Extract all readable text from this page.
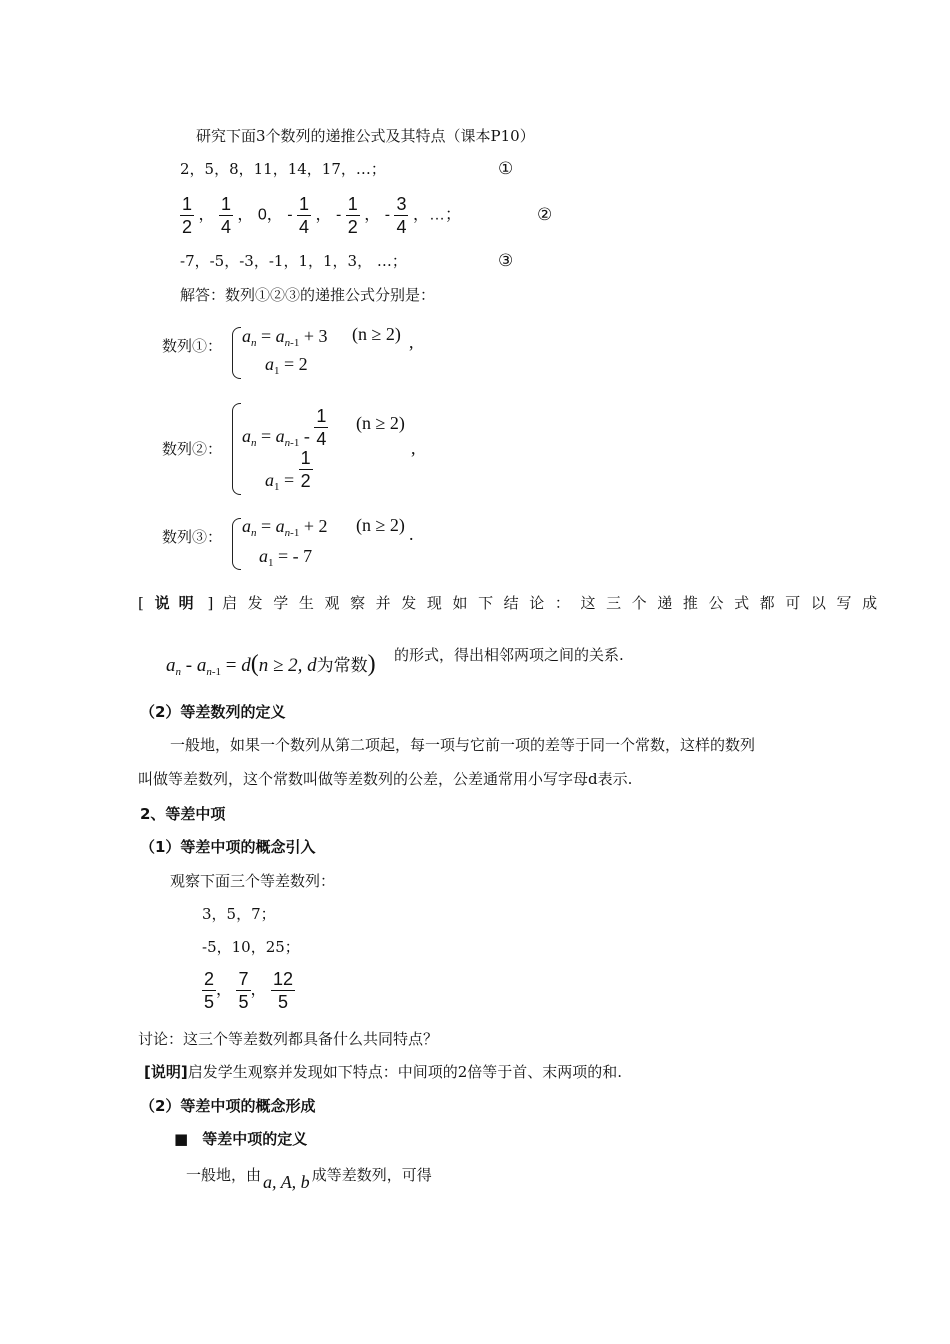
研究下面3个数列的递推公式及其特点（课本P10）
2，5，8，11，14，17，…；	①
$\frac{1}{2}$ ， $\frac{1}{4}$ ， 0， - $\frac{1}{4}$ ， - $\frac{1}{2}$ ， - $\frac{3}{4}$ ，…；	②
-7，-5，-3，-1，1，1，3， …；	③
解答：数列①②③的递推公式分别是：
数列①： $a_n = a_{n-1} + 3$ (n ≥ 2) ,
$a_1 = 2$
数列②：
$a_n = a_{n-1} - \frac{1}{4} (n \ge 2)$
,
$a_1 = \frac{1}{2}$
数列③：
$a_n = a_{n-1} + 2$ (n ≥ 2) .
$a_1$ = - 7
[ 说明 ] 启发学生观察并发现如下结论：这三个递推公式都可以写成
$a_n - a_{n-1} = d(n \ge 2$, d为常数) 的形式，得出相邻两项之间的关系.
（2）等差数列的定义
一般地，如果一个数列从第二项起，每一项与它前一项的差等于同一个常数，这样的数列
叫做等差数列，这个常数叫做等差数列的公差，公差通常用小写字母d表示.
2、等差中项
（1）等差中项的概念引入
观察下面三个等差数列：
3，5，7；
-5，10，25；
$\frac{2}{5}$ ， $\frac{7}{5}$ ， $\frac{12}{5}$
讨论：这三个等差数列都具备什么共同特点？
[说明]启发学生观察并发现如下特点：中间项的2倍等于首、末两项的和.
（2）等差中项的概念形成
■ 等差中项的定义
一般地，由 a, A, b 成等差数列，可得
